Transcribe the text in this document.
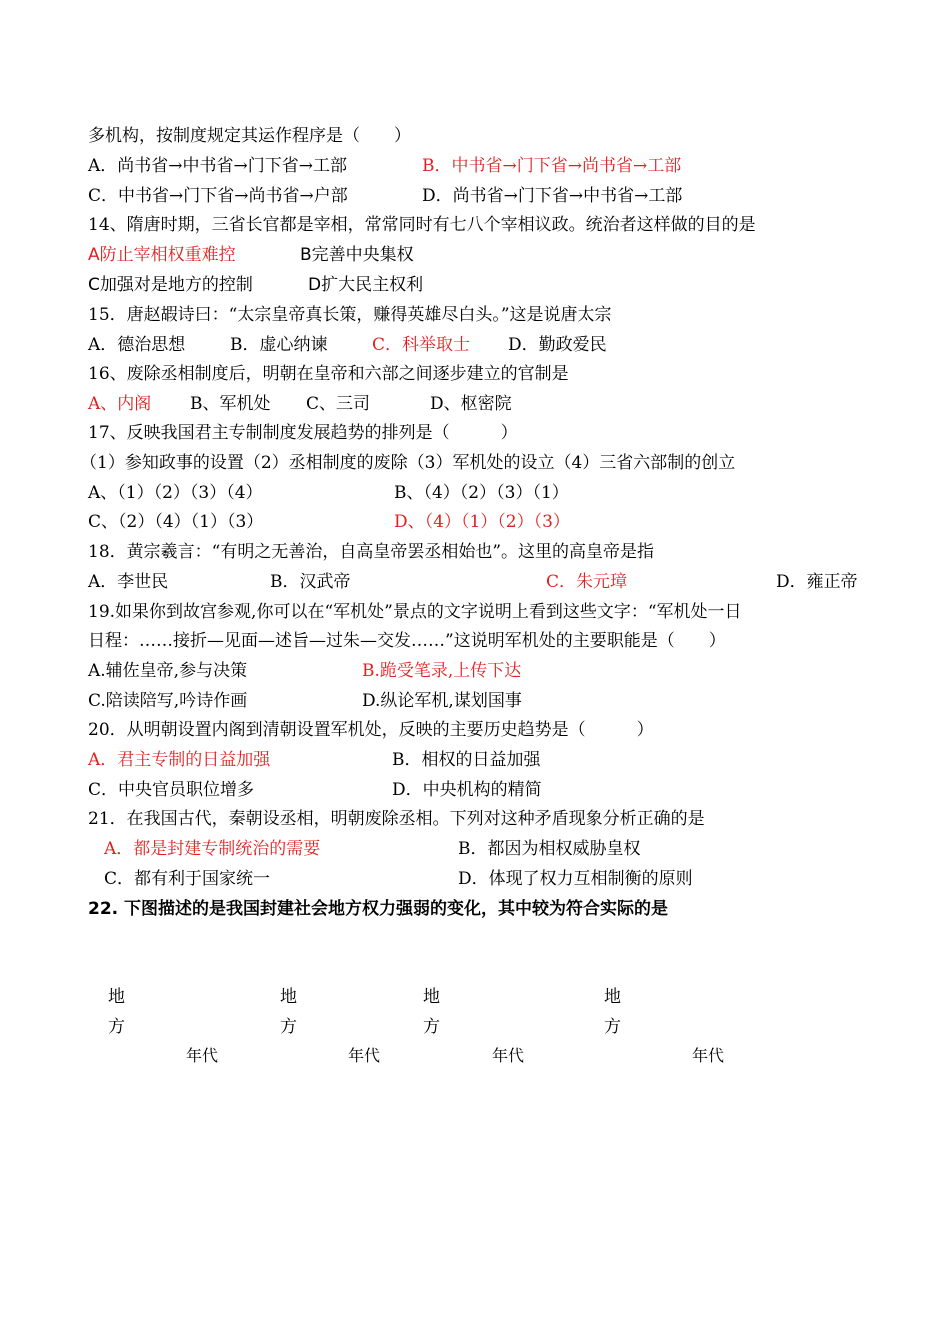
多机构，按制度规定其运作程序是（　　）
A．尚书省→中书省→门下省→工部	B．中书省→门下省→尚书省→工部
C．中书省→门下省→尚书省→户部	D．尚书省→门下省→中书省→工部
14、隋唐时期，三省长官都是宰相，常常同时有七八个宰相议政。统治者这样做的目的是
A防止宰相权重难控	B完善中央集权
C加强对是地方的控制	D扩大民主权利
15．唐赵嘏诗曰：“太宗皇帝真长策，赚得英雄尽白头。”这是说唐太宗
A．德治思想	B．虚心纳谏	C．科举取士 D．勤政爱民
16、废除丞相制度后，明朝在皇帝和六部之间逐步建立的官制是
A、内阁 B、军机处 C、三司	D、枢密院
17、反映我国君主专制制度发展趋势的排列是（　　　）
（1）参知政事的设置（2）丞相制度的废除（3）军机处的设立（4）三省六部制的创立
A、（1）（2）（3）（4）	B、（4）（2）（3）（1）
C、（2）（4）（1）（3）	D、（4）（1）（2）（3）
18．黄宗羲言：“有明之无善治，自高皇帝罢丞相始也”。这里的高皇帝是指
A．李世民	B．汉武帝	C．朱元璋	D．雍正帝
19.如果你到故宫参观,你可以在“军机处”景点的文字说明上看到这些文字：“军机处一日
日程：……接折—见面—述旨—过朱—交发……”这说明军机处的主要职能是（　　）
A.辅佐皇帝,参与决策	B.跪受笔录,上传下达
C.陪读陪写,吟诗作画	D.纵论军机,谋划国事
20．从明朝设置内阁到清朝设置军机处，反映的主要历史趋势是（　　　）
A．君主专制的日益加强	B．相权的日益加强
C．中央官员职位增多	D．中央机构的精简
21．在我国古代，秦朝设丞相，明朝废除丞相。下列对这种矛盾现象分析正确的是
A．都是封建专制统治的需要	B．都因为相权威胁皇权
C．都有利于国家统一	D．体现了权力互相制衡的原则
22. 下图描述的是我国封建社会地方权力强弱的变化，其中较为符合实际的是
地
方
年代
地
方
年代
地
方
年代
地
方
年代
